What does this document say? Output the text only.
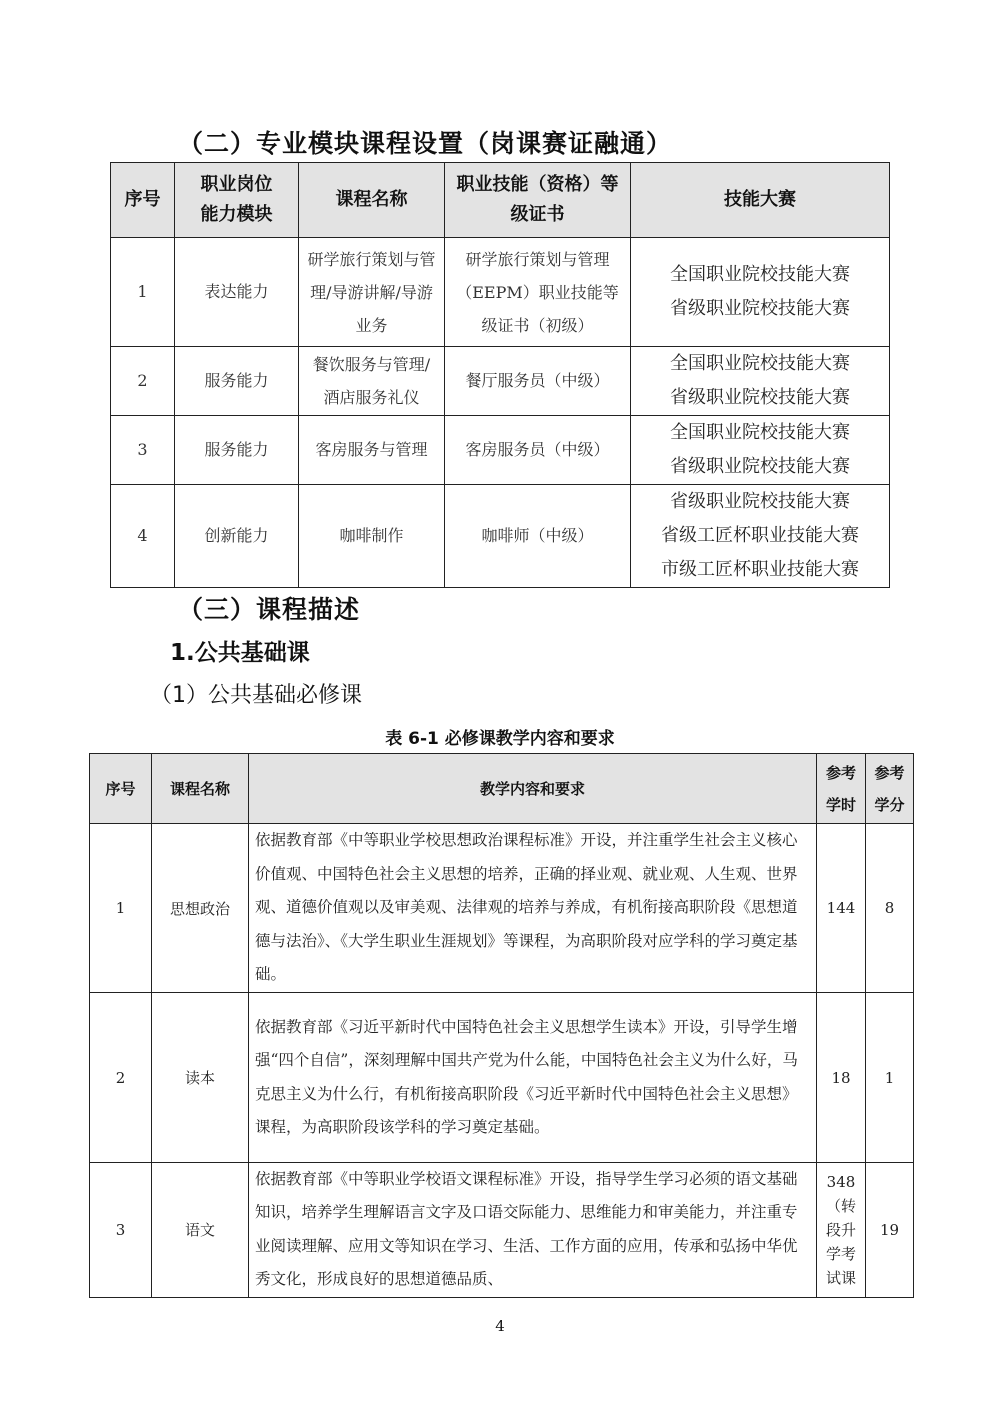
（二）专业模块课程设置（岗课赛证融通）
序号	职业岗位能力模块	课程名称	职业技能（资格）等级证书	技能大赛
1	表达能力	研学旅行策划与管理/导游讲解/导游业务	研学旅行策划与管理（EEPM）职业技能等级证书（初级）	全国职业院校技能大赛
省级职业院校技能大赛

2	服务能力	餐饮服务与管理/酒店服务礼仪	餐厅服务员（中级）	全国职业院校技能大赛
省级职业院校技能大赛

3	服务能力	客房服务与管理	客房服务员（中级）	全国职业院校技能大赛
省级职业院校技能大赛

4	创新能力	咖啡制作	咖啡师（中级）	省级职业院校技能大赛
省级工匠杯职业技能大赛
市级工匠杯职业技能大赛
（三）课程描述
1.公共基础课
（1）公共基础必修课
表 6-1 必修课教学内容和要求
序号	课程名称	教学内容和要求	参考学时	参考学分
1	思想政治	依据教育部《中等职业学校思想政治课程标准》开设，并注重学生社会主义核心价值观、中国特色社会主义思想的培养，正确的择业观、就业观、人生观、世界观、道德价值观以及审美观、法律观的培养与养成，有机衔接高职阶段《思想道德与法治》、《大学生职业生涯规划》等课程，为高职阶段对应学科的学习奠定基础。	144	8
2	读本	依据教育部《习近平新时代中国特色社会主义思想学生读本》开设，引导学生增强“四个自信”，深刻理解中国共产党为什么能，中国特色社会主义为什么好，马克思主义为什么行，有机衔接高职阶段《习近平新时代中国特色社会主义思想》课程，为高职阶段该学科的学习奠定基础。	18	1
3	语文	依据教育部《中等职业学校语文课程标准》开设，指导学生学习必须的语文基础知识，培养学生理解语言文字及口语交际能力、思维能力和审美能力，并注重专业阅读理解、应用文等知识在学习、生活、工作方面的应用，传承和弘扬中华优秀文化，形成良好的思想道德品质、	348（转段升学考试课	19
4
